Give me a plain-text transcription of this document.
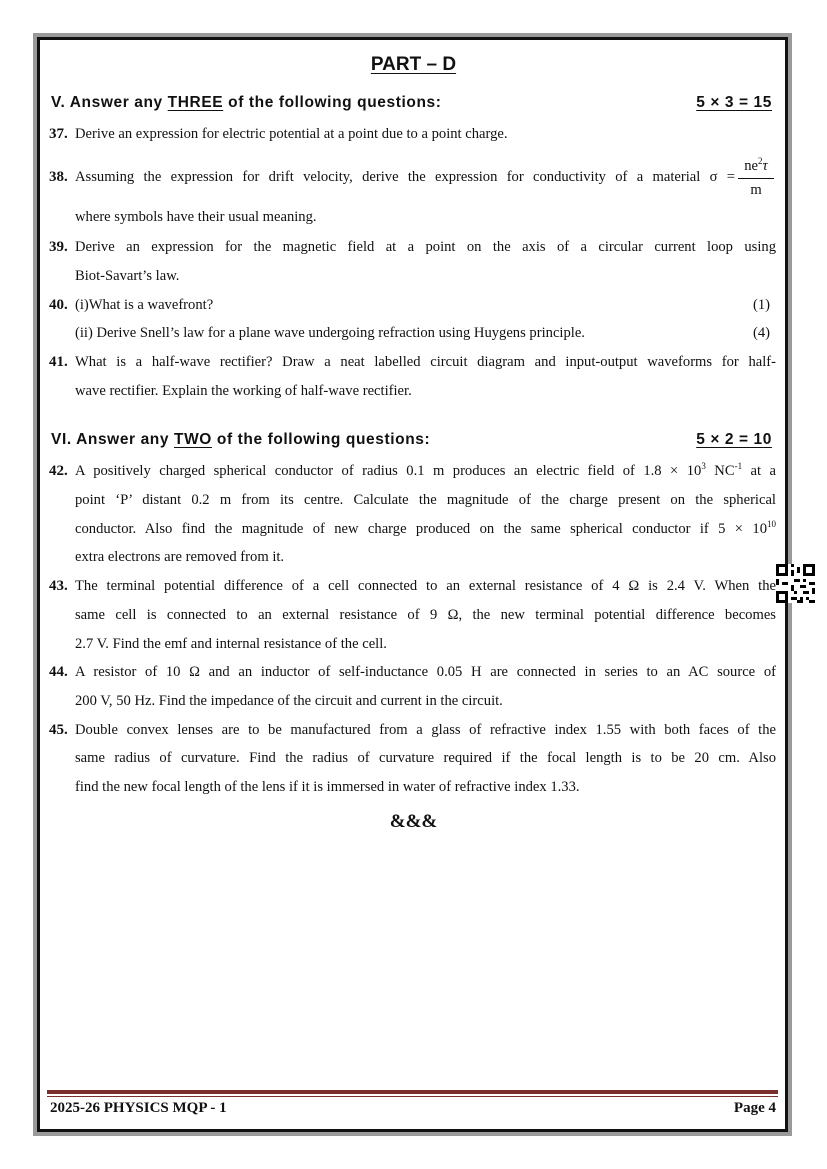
PART – D
V. Answer any THREE of the following questions:	5 × 3 = 15
37. Derive an expression for electric potential at a point due to a point charge.
38. Assuming the expression for drift velocity, derive the expression for conductivity of a material $\sigma = \frac{ne^2\tau}{m}$
where symbols have their usual meaning.
39. Derive an expression for the magnetic field at a point on the axis of a circular current loop using
Biot-Savart’s law.
40. (i)What is a wavefront?	(1)
(ii) Derive Snell’s law for a plane wave undergoing refraction using Huygens principle.	(4)
41. What is a half-wave rectifier? Draw a neat labelled circuit diagram and input-output waveforms for half-
wave rectifier. Explain the working of half-wave rectifier.
VI. Answer any TWO of the following questions:	5 × 2 = 10
42. A positively charged spherical conductor of radius 0.1 m produces an electric field of $1.8 \times 10^3$ $NC^{-1}$ at a
point ‘P’ distant 0.2 m from its centre. Calculate the magnitude of the charge present on the spherical
conductor. Also find the magnitude of new charge produced on the same spherical conductor if $5 \times 10^{10}$
extra electrons are removed from it.
43. The terminal potential difference of a cell connected to an external resistance of 4 Ω is 2.4 V. When the
same cell is connected to an external resistance of 9 Ω, the new terminal potential difference becomes
2.7 V. Find the emf and internal resistance of the cell.
44. A resistor of 10 Ω and an inductor of self-inductance 0.05 H are connected in series to an AC source of
200 V, 50 Hz. Find the impedance of the circuit and current in the circuit.
45. Double convex lenses are to be manufactured from a glass of refractive index 1.55 with both faces of the
same radius of curvature. Find the radius of curvature required if the focal length is to be 20 cm. Also
find the new focal length of the lens if it is immersed in water of refractive index 1.33.
&&&
2025-26 PHYSICS MQP - 1	Page 4
